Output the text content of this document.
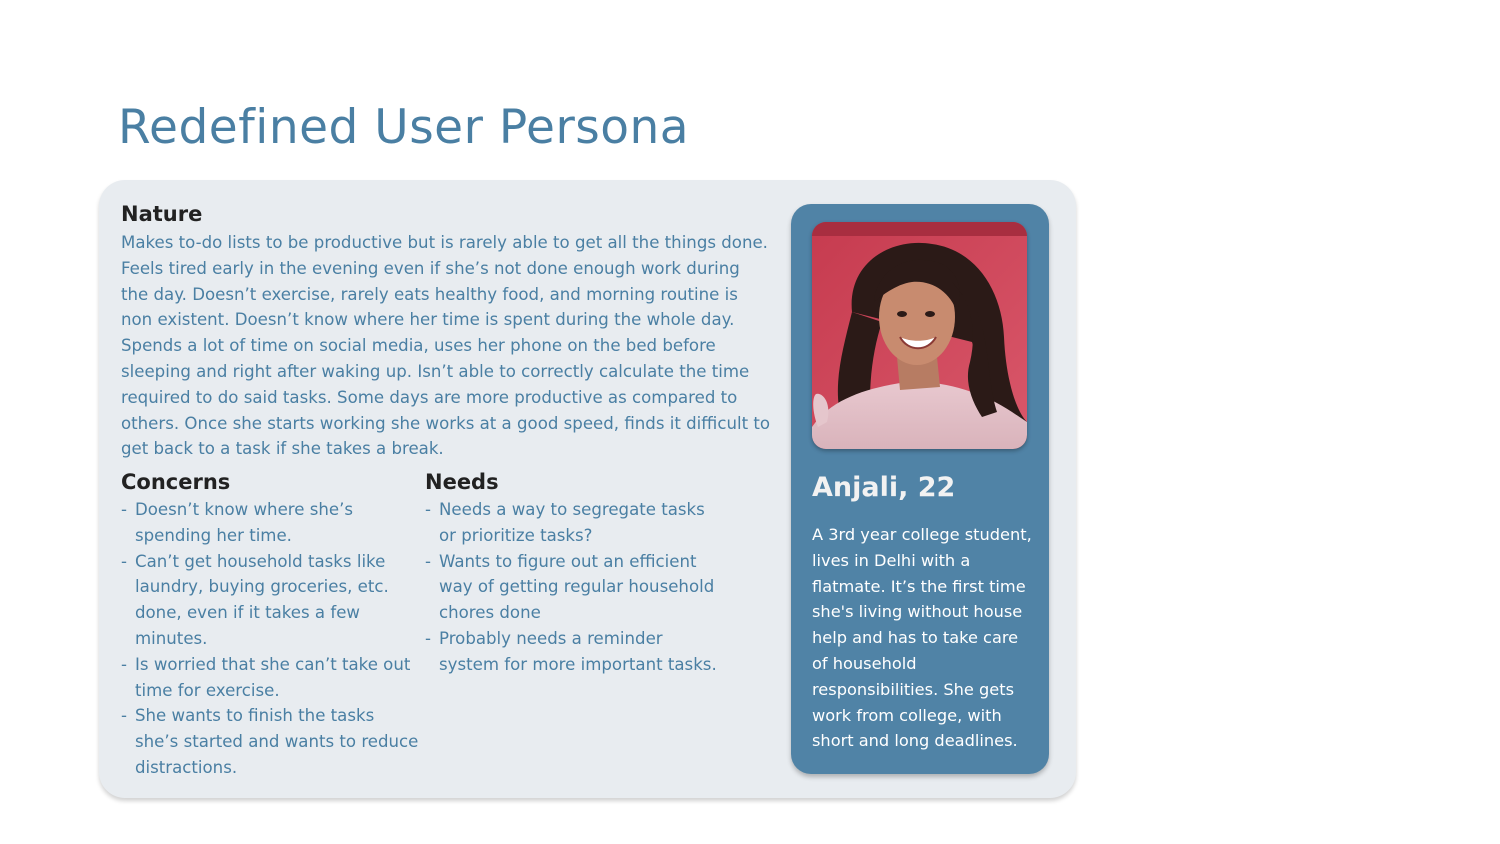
Redefined User Persona
Nature

Makes to-do lists to be productive but is rarely able to get all the things done. Feels tired early in the evening even if she’s not done enough work during the day. Doesn’t exercise, rarely eats healthy food, and morning routine is non existent. Doesn’t know where her time is spent during the whole day. Spends a lot of time on social media, uses her phone on the bed before sleeping and right after waking up. Isn’t able to correctly calculate the time required to do said tasks. Some days are more productive as compared to others. Once she starts working she works at a good speed, finds it difficult to get back to a task if she takes a break.

Concerns
- Doesn’t know where she’s spending her time.
- Can’t get household tasks like laundry, buying groceries, etc. done, even if it takes a few minutes.
- Is worried that she can’t take out time for exercise.
- She wants to finish the tasks she’s started and wants to reduce distractions.
Needs
- Needs a way to segregate tasks or prioritize tasks?
- Wants to figure out an efficient way of getting regular household chores done
- Probably needs a reminder system for more important tasks.
Anjali, 22

A 3rd year college student, lives in Delhi with a flatmate. It’s the first time she's living without house help and has to take care of household responsibilities. She gets work from college, with short and long deadlines.
